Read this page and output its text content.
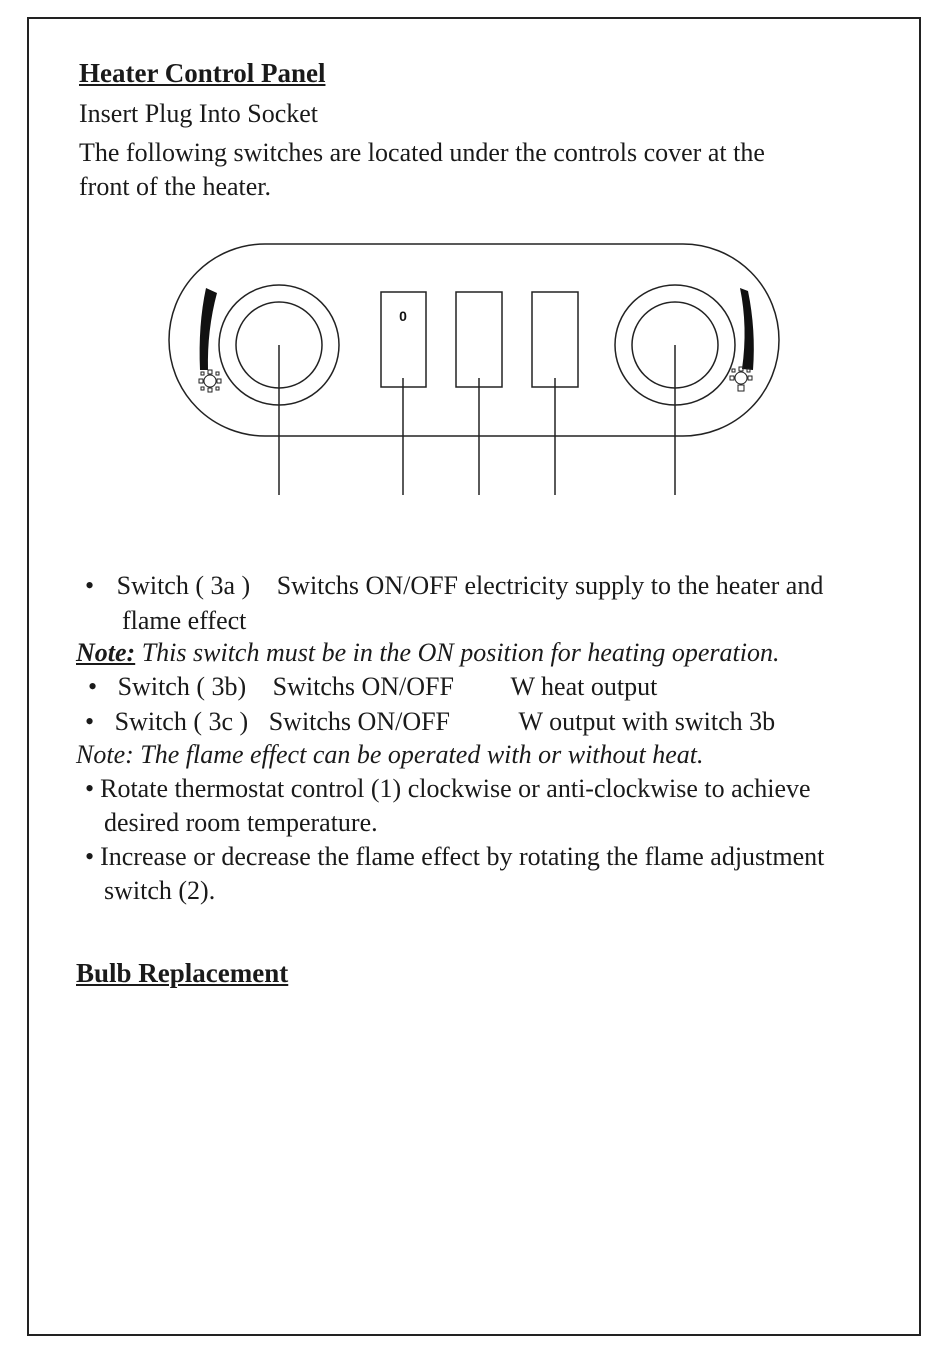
Heater Control Panel
Insert Plug Into Socket
The following switches are located under the controls cover at the
front of the heater.
0
• Switch ( 3a ) Switchs ON/OFF electricity supply to the heater and
flame effect
Note: This switch must be in the ON position for heating operation.
• Switch ( 3b) Switchs ON/OFF W heat output
• Switch ( 3c ) Switchs ON/OFF	W output with switch 3b
Note: The flame effect can be operated with or without heat.
• Rotate thermostat control (1) clockwise or anti-clockwise to achieve
desired room temperature.
• Increase or decrease the flame effect by rotating the flame adjustment
switch (2).
Bulb Replacement
